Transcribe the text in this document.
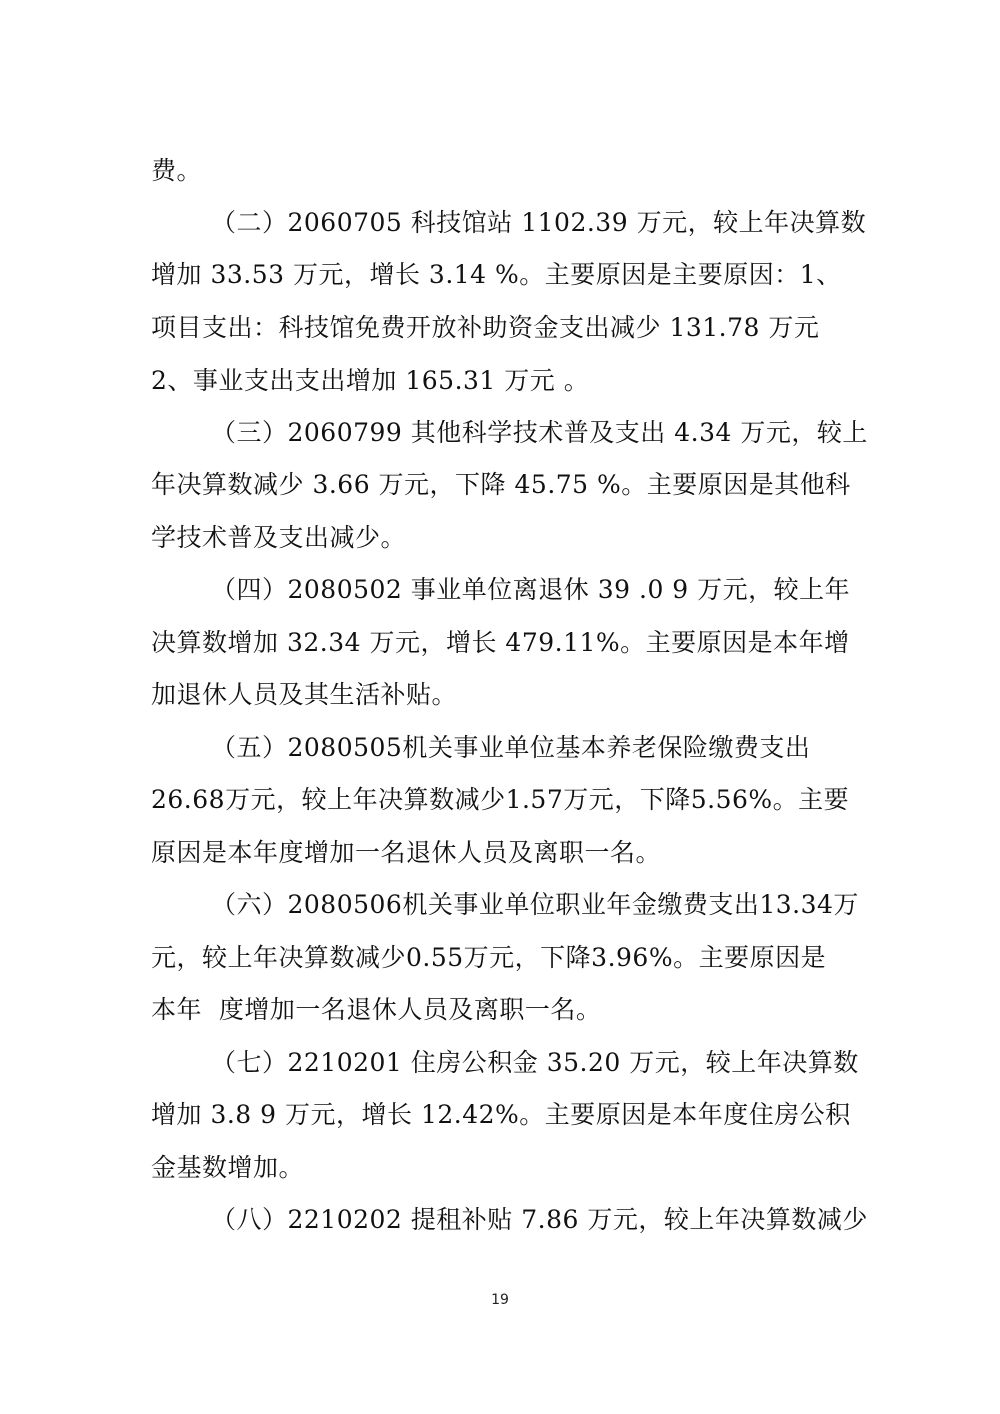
费。

（二）2060705 科技馆站 1102.39 万元，较上年决算数

增加 33.53 万元，增长 3.14 %。主要原因是主要原因：1、

项目支出：科技馆免费开放补助资金支出减少 131.78 万元

2、事业支出支出增加 165.31 万元 。

（三）2060799 其他科学技术普及支出 4.34 万元，较上

年决算数减少 3.66 万元，下降 45.75 %。主要原因是其他科

学技术普及支出减少。

（四）2080502 事业单位离退休 39 .0 9 万元，较上年

决算数增加 32.34 万元，增长 479.11%。主要原因是本年增

加退休人员及其生活补贴。

（五）2080505机关事业单位基本养老保险缴费支出

26.68万元，较上年决算数减少1.57万元，下降5.56%。主要

原因是本年度增加一名退休人员及离职一名。

（六）2080506机关事业单位职业年金缴费支出13.34万

元，较上年决算数减少0.55万元，下降3.96%。主要原因是

本年  度增加一名退休人员及离职一名。

（七）2210201 住房公积金 35.20 万元，较上年决算数

增加 3.8 9 万元，增长 12.42%。主要原因是本年度住房公积

金基数增加。

（八）2210202 提租补贴 7.86 万元，较上年决算数减少

19
